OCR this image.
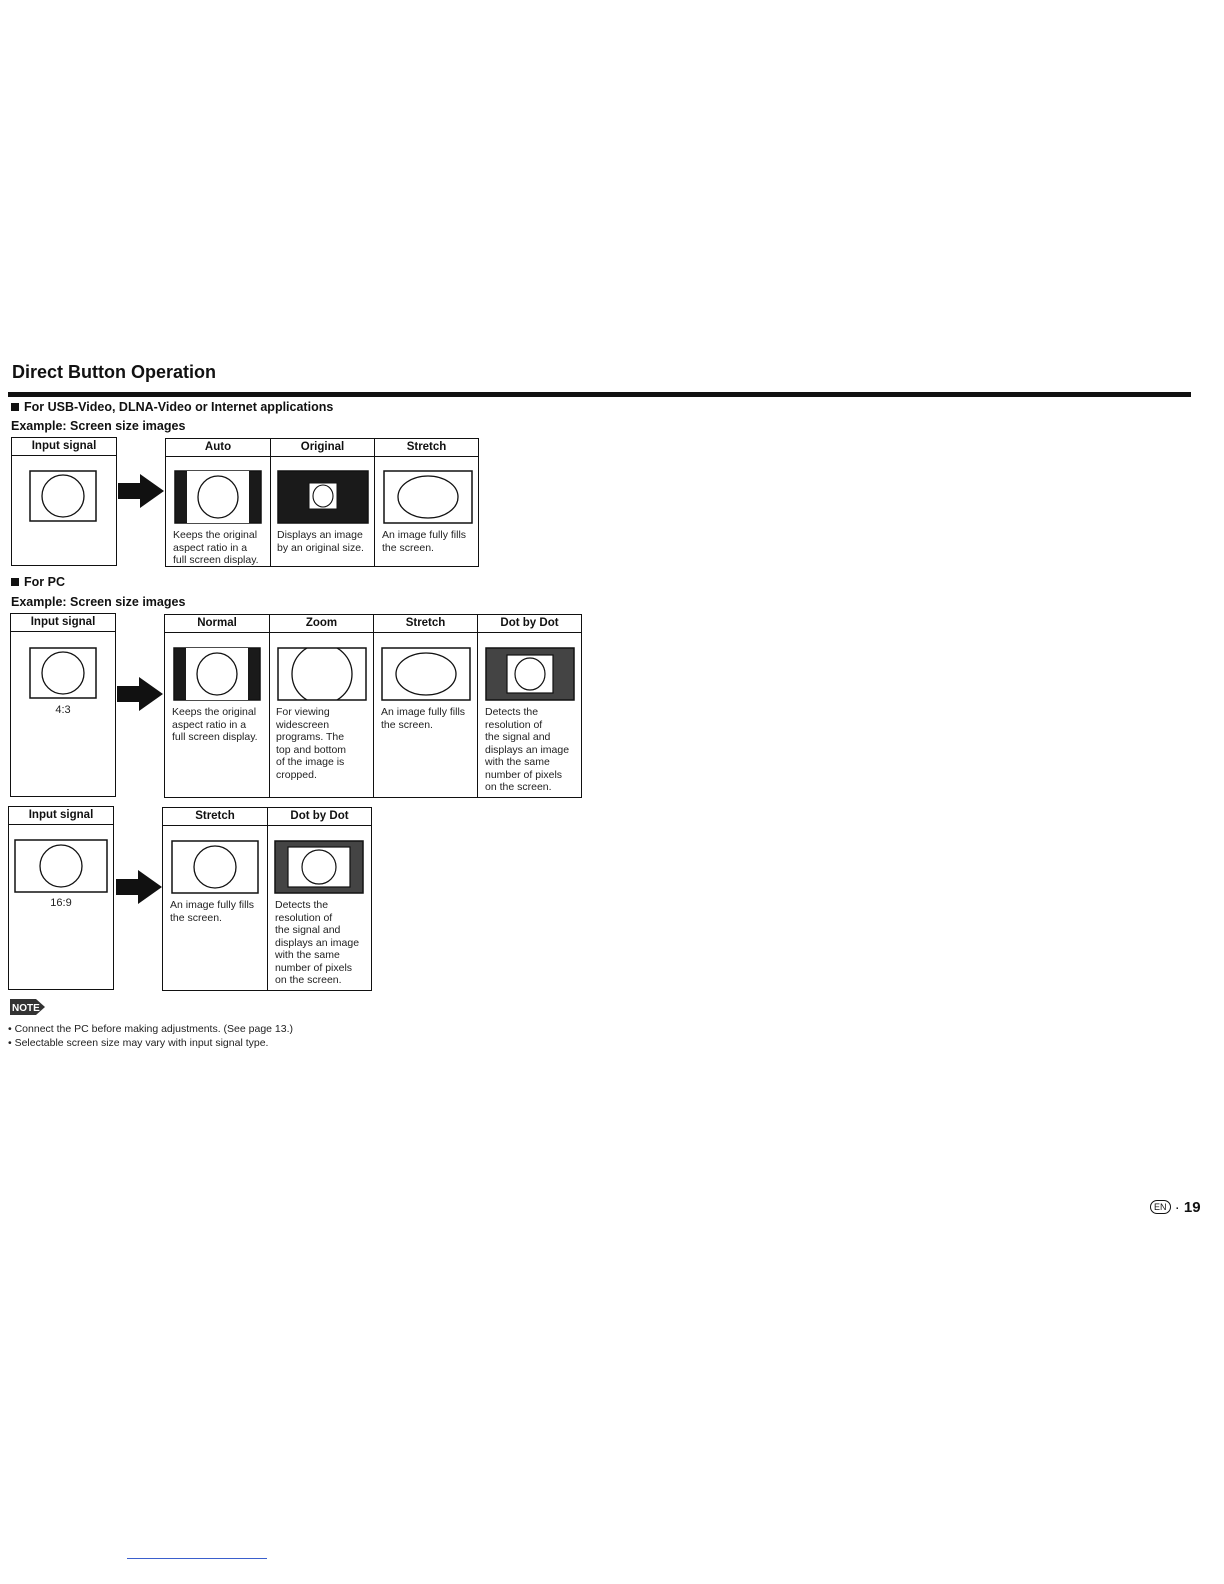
Direct Button Operation
For USB-Video, DLNA-Video or Internet applications
Example: Screen size images
Input signal	Auto
Keeps the original
aspect ratio in a
full screen display.
Original
Displays an image
by an original size.
Stretch
An image fully fills
the screen.
For PC
Example: Screen size images
Input signal
4:3
Normal
Keeps the original
aspect ratio in a
full screen display.
Zoom
For viewing
widescreen
programs. The
top and bottom
of the image is
cropped.
Stretch
An image fully fills
the screen.
Dot by Dot
Detects the
resolution of
the signal and
displays an image
with the same
number of pixels
on the screen.
Input signal
16:9
Stretch
An image fully fills
the screen.
Dot by Dot
Detects the
resolution of
the signal and
displays an image
with the same
number of pixels
on the screen.
NOTE
• Connect the PC before making adjustments. (See page 13.)
• Selectable screen size may vary with input signal type.
EN · 19
